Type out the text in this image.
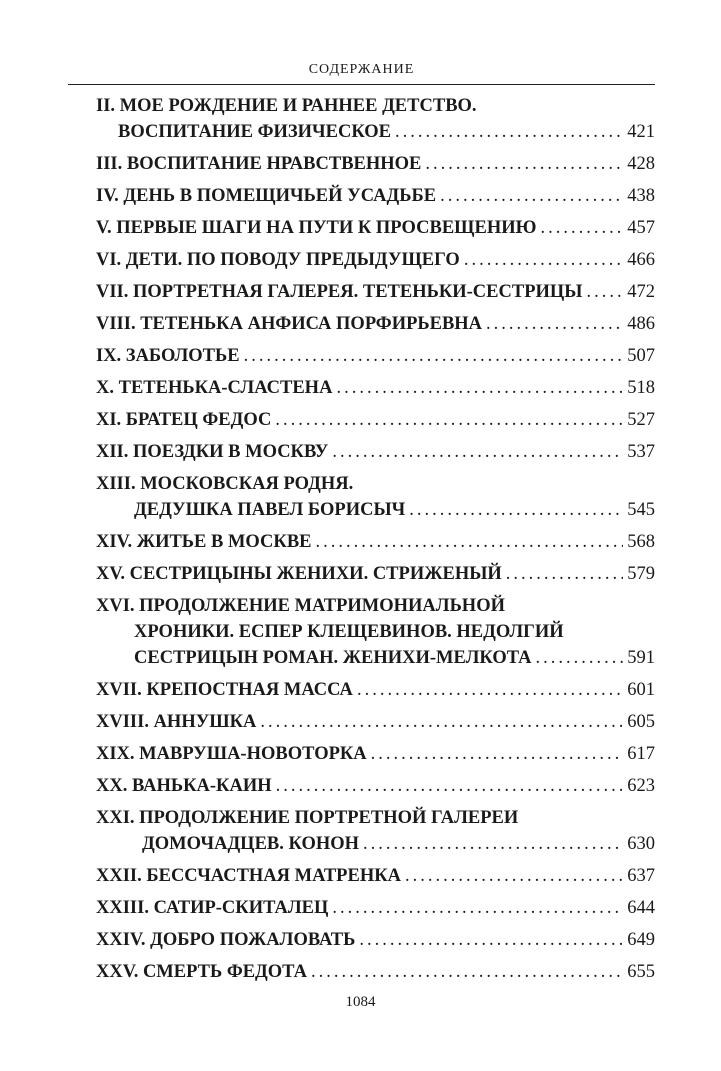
СОДЕРЖАНИЕ
II. МОЕ РОЖДЕНИЕ И РАННЕЕ ДЕТСТВО.
ВОСПИТАНИЕ ФИЗИЧЕСКОЕ .....	421
III. ВОСПИТАНИЕ НРАВСТВЕННОЕ .....	428
IV. ДЕНЬ В ПОМЕЩИЧЬЕЙ УСАДЬБЕ .....	438
V. ПЕРВЫЕ ШАГИ НА ПУТИ К ПРОСВЕЩЕНИЮ .....	457
VI. ДЕТИ. ПО ПОВОДУ ПРЕДЫДУЩЕГО .....	466
VII. ПОРТРЕТНАЯ ГАЛЕРЕЯ. ТЕТЕНЬКИ-СЕСТРИЦЫ ..... 472
VIII. ТЕТЕНЬКА АНФИСА ПОРФИРЬЕВНА .....	486
IX. ЗАБОЛОТЬЕ .....	507
X. ТЕТЕНЬКА-СЛАСТЕНА .....	518
XI. БРАТЕЦ ФЕДОС .....	527
XII. ПОЕЗДКИ В МОСКВУ .....	537
XIII. МОСКОВСКАЯ РОДНЯ.
ДЕДУШКА ПАВЕЛ БОРИСЫЧ .....	545
XIV. ЖИТЬЕ В МОСКВЕ .....	568
XV. СЕСТРИЦЫНЫ ЖЕНИХИ. СТРИЖЕНЫЙ .....	579
XVI. ПРОДОЛЖЕНИЕ МАТРИМОНИАЛЬНОЙ
ХРОНИКИ. ЕСПЕР КЛЕЩЕВИНОВ. НЕДОЛГИЙ
СЕСТРИЦЫН РОМАН. ЖЕНИХИ-МЕЛКОТА .....	591
XVII. КРЕПОСТНАЯ МАССА .....	601
XVIII. АННУШКА .....	605
XIX. МАВРУША-НОВОТОРКА .....	617
XX. ВАНЬКА-КАИН .....	623
XXI. ПРОДОЛЖЕНИЕ ПОРТРЕТНОЙ ГАЛЕРЕИ
ДОМОЧАДЦЕВ. КОНОН .....	630
XXII. БЕССЧАСТНАЯ МАТРЕНКА .....	637
XXIII. САТИР-СКИТАЛЕЦ .....	644
XXIV. ДОБРО ПОЖАЛОВАТЬ .....	649
XXV. СМЕРТЬ ФЕДОТА .....	655
1084
